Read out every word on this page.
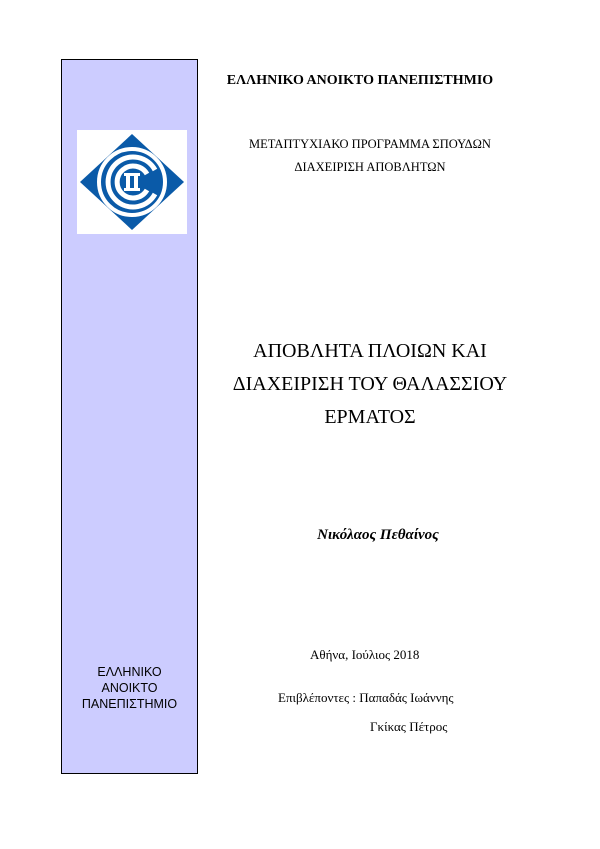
ΕΛΛΗΝΙΚΟ
ΑΝΟΙΚΤΟ
ΠΑΝΕΠΙΣΤΗΜΙΟ
ΕΛΛΗΝΙΚΟ ΑΝΟΙΚΤΟ ΠΑΝΕΠΙΣΤΗΜΙΟ
ΜΕΤΑΠΤΥΧΙΑΚΟ ΠΡΟΓΡΑΜΜΑ ΣΠΟΥΔΩΝ
ΔΙΑΧΕΙΡΙΣΗ ΑΠΟΒΛΗΤΩΝ
ΑΠΟΒΛΗΤΑ ΠΛΟΙΩΝ ΚΑΙ
ΔΙΑΧΕΙΡΙΣΗ ΤΟΥ ΘΑΛΑΣΣΙΟΥ
ΕΡΜΑΤΟΣ
Νικόλαος Πεθαίνος
Αθήνα, Ιούλιος 2018
Επιβλέποντες : Παπαδάς Ιωάννης
Γκίκας Πέτρος
